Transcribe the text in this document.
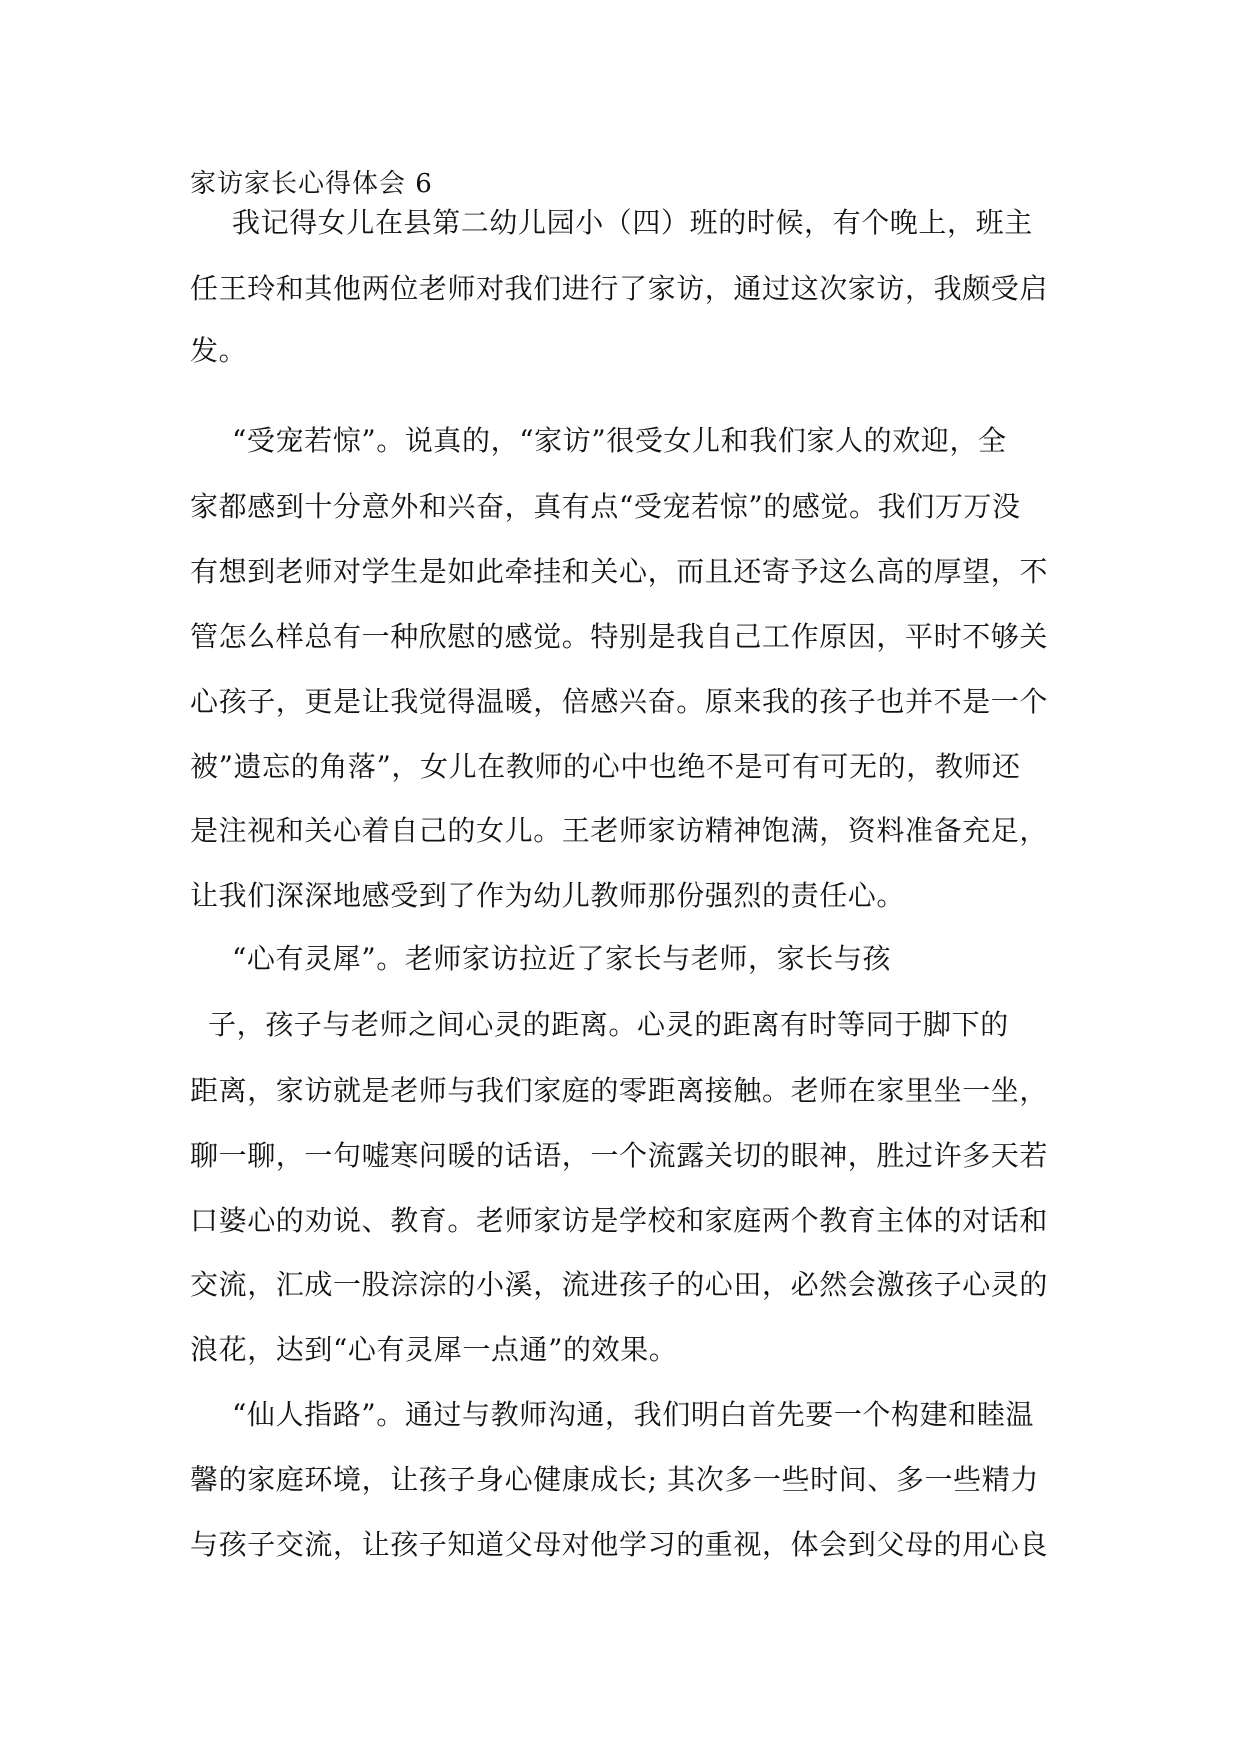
家访家长心得体会 6
我记得女儿在县第二幼儿园小（四）班的时候，有个晚上，班主
任王玲和其他两位老师对我们进行了家访，通过这次家访，我颇受启
发。
“受宠若惊”。说真的，“家访”很受女儿和我们家人的欢迎，全
家都感到十分意外和兴奋，真有点“受宠若惊”的感觉。我们万万没
有想到老师对学生是如此牵挂和关心，而且还寄予这么高的厚望，不
管怎么样总有一种欣慰的感觉。特别是我自己工作原因，平时不够关
心孩子，更是让我觉得温暖，倍感兴奋。原来我的孩子也并不是一个
被”遗忘的角落”，女儿在教师的心中也绝不是可有可无的，教师还
是注视和关心着自己的女儿。王老师家访精神饱满，资料准备充足，
让我们深深地感受到了作为幼儿教师那份强烈的责任心。
“心有灵犀”。老师家访拉近了家长与老师，家长与孩
子，孩子与老师之间心灵的距离。心灵的距离有时等同于脚下的
距离，家访就是老师与我们家庭的零距离接触。老师在家里坐一坐，
聊一聊，一句嘘寒问暖的话语，一个流露关切的眼神，胜过许多天若
口婆心的劝说、教育。老师家访是学校和家庭两个教育主体的对话和
交流，汇成一股淙淙的小溪，流进孩子的心田，必然会激孩子心灵的
浪花，达到“心有灵犀一点通”的效果。
“仙人指路”。通过与教师沟通，我们明白首先要一个构建和睦温
馨的家庭环境，让孩子身心健康成长; 其次多一些时间、多一些精力
与孩子交流，让孩子知道父母对他学习的重视，体会到父母的用心良
